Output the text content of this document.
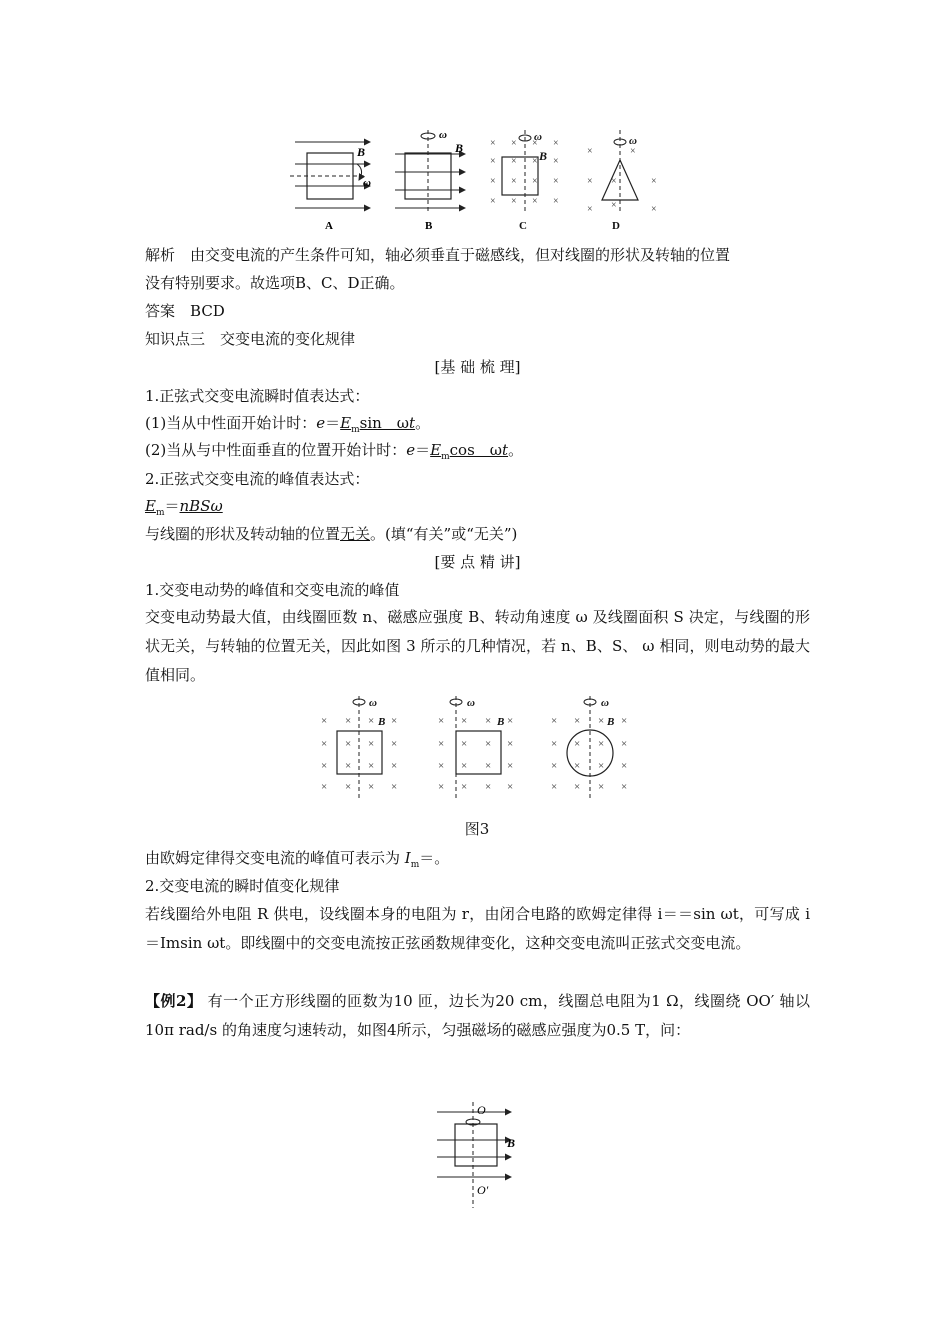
B
ω
A
ω
B
B
× × × ×
× × × ×
× × × ×
× × × ×
ω
B
C
×	×
×	×
×	×
×
×
ω
D
解析　 由交变电流的产生条件可知，轴必须垂直于磁感线，但对线圈的形状及转轴的位置
没有特别要求。故选项B、C、D正确。
答案　 BCD
知识点三　交变电流的变化规律
[基 础 梳 理]
1.正弦式交变电流瞬时值表达式：
(1)当从中性面开始计时：$e=E_m\sin$　ωt。
(2)当从与中性面垂直的位置开始计时：$e=E_m\cos$　ωt。
2.正弦式交变电流的峰值表达式：
$E_m=nBS\omega$
与线圈的形状及转动轴的位置无关。(填“有关”或“无关”)
[要 点 精 讲]
1.交变电动势的峰值和交变电流的峰值
交变电动势最大值，由线圈匝数 n、磁感应强度 B、转动角速度 ω 及线圈面积 S 决定，与线圈的形状无关，与转轴的位置无关，因此如图 3 所示的几种情况，若 n、B、S、 ω 相同，则电动势的最大值相同。
× × × ×
× × × ×
× × × ×
× × × ×
ω
B	× × × ×
× × × ×
× × × ×
× × × ×
ω
B	× × × ×
× × × ×
× × × ×
× × × ×
ω
B
图3
由欧姆定律得交变电流的峰值可表示为 $I_m=$。
2.交变电流的瞬时值变化规律
若线圈给外电阻 R 供电，设线圈本身的电阻为 r，由闭合电路的欧姆定律得 i＝＝sin ωt，可写成 i＝Imsin ωt。即线圈中的交变电流按正弦函数规律变化，这种交变电流叫正弦式交变电流。
【例2】 有一个正方形线圈的匝数为10 匝，边长为20 cm，线圈总电阻为1 Ω，线圈绕 OO′ 轴以10π rad/s 的角速度匀速转动，如图4所示，匀强磁场的磁感应强度为0.5 T，问：
O
B
O′
